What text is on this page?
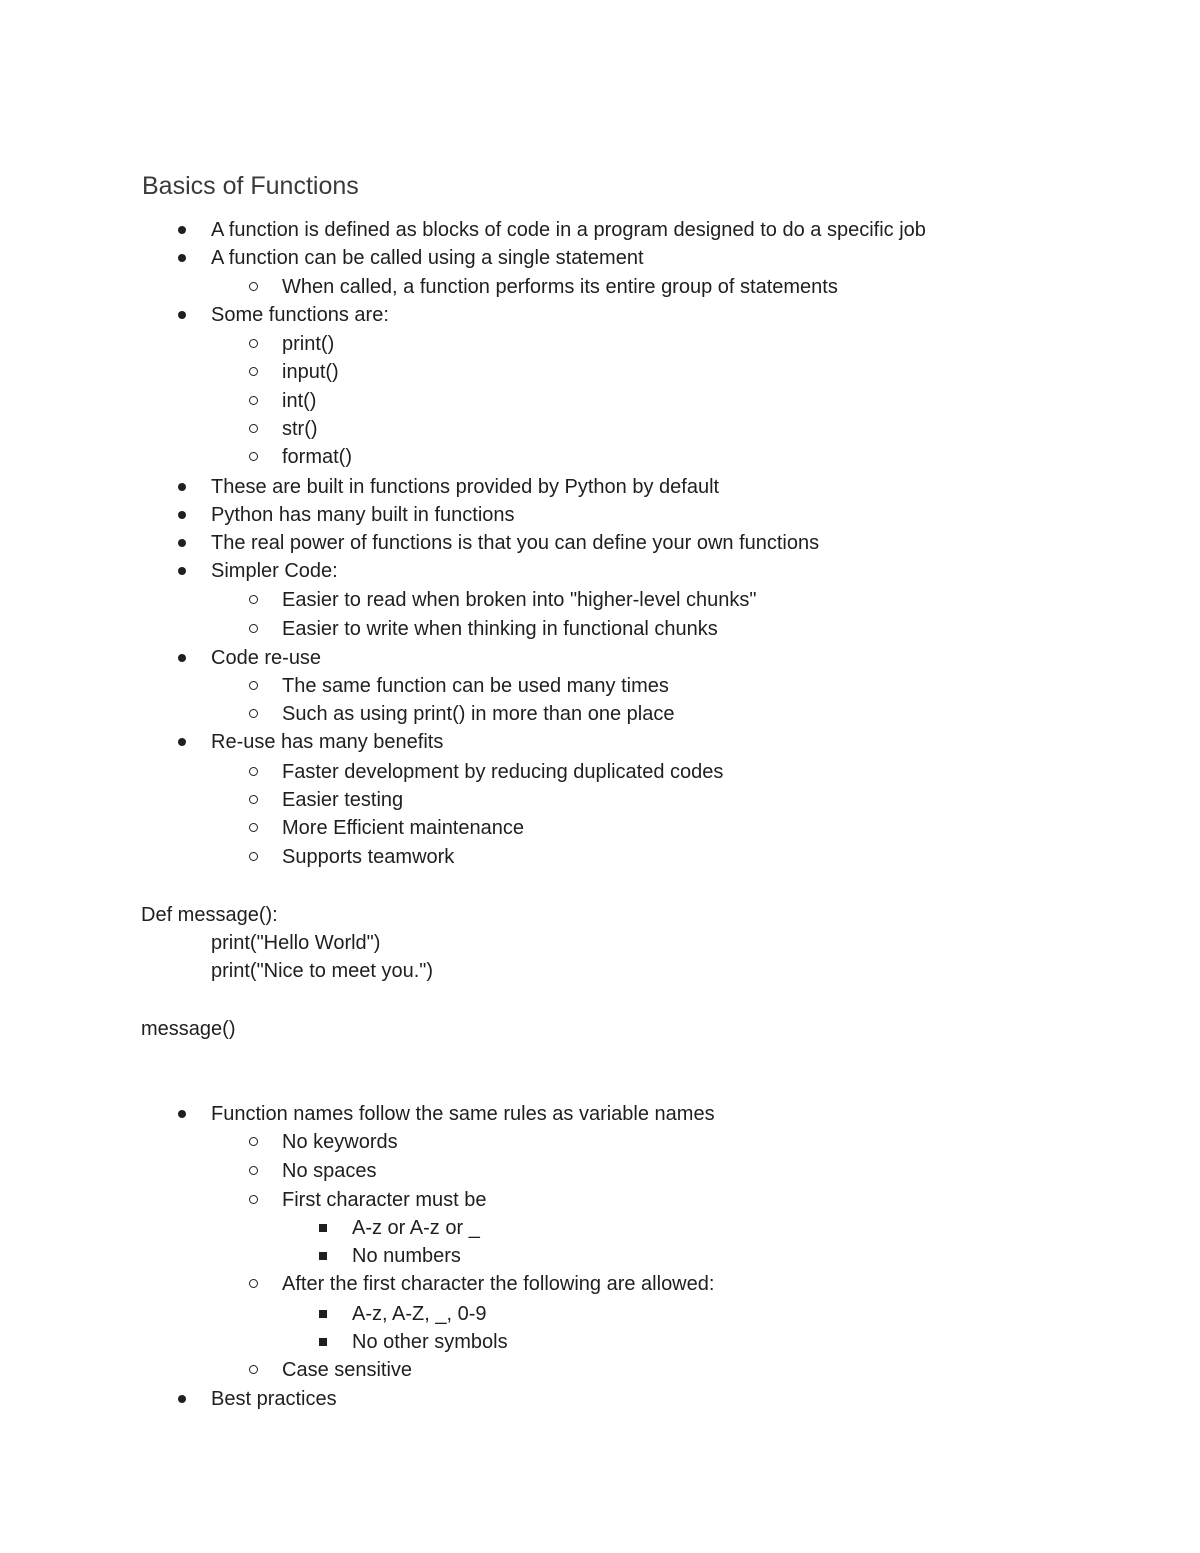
Basics of Functions
A function is defined as blocks of code in a program designed to do a specific job
A function can be called using a single statement
When called, a function performs its entire group of statements
Some functions are:
print()
input()
int()
str()
format()
These are built in functions provided by Python by default
Python has many built in functions
The real power of functions is that you can define your own functions
Simpler Code:
Easier to read when broken into "higher-level chunks"
Easier to write when thinking in functional chunks
Code re-use
The same function can be used many times
Such as using print() in more than one place
Re-use has many benefits
Faster development by reducing duplicated codes
Easier testing
More Efficient maintenance
Supports teamwork
Def message():
print("Hello World")
print("Nice to meet you.")
message()
Function names follow the same rules as variable names
No keywords
No spaces
First character must be
A-z or A-z or _
No numbers
After the first character the following are allowed:
A-z, A-Z, _, 0-9
No other symbols
Case sensitive
Best practices
